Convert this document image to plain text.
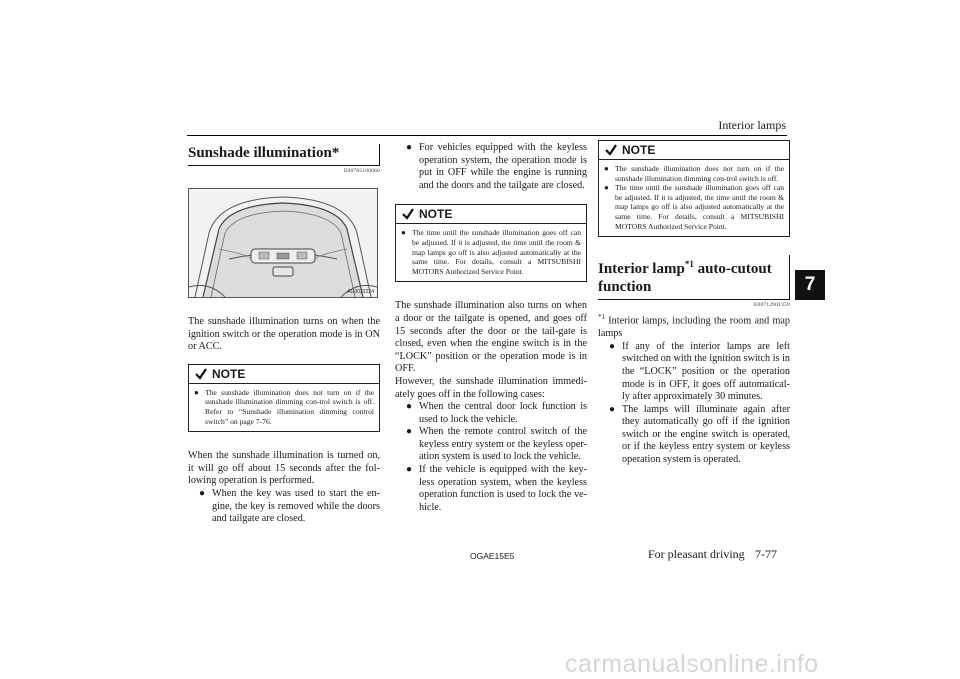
Interior lamps
7
Sunshade illumination*
E00765100060
AG0022224

The sunshade illumination turns on when the ignition switch or the operation mode is in ON or ACC.

NOTE
● The sunshade illumination does not turn on if the sunshade illumination dimming con-trol switch is off. Refer to “Sunshade illumination dimming control switch” on page 7-76.

When the sunshade illumination is turned on, it will go off about 15 seconds after the fol-lowing operation is performed.

● When the key was used to start the en-gine, the key is removed while the doors and tailgate are closed.
● For vehicles equipped with the keyless operation system, the operation mode is put in OFF while the engine is running and the doors and the tailgate are closed.
NOTE
● The time until the sunshade illumination goes off can be adjusted. If it is adjusted, the time until the room & map lamps go off is also adjusted automatically at the same time. For details, consult a MITSUBISHI MOTORS Authorized Service Point.

The sunshade illumination also turns on when a door or the tailgate is opened, and goes off 15 seconds after the door or the tail-gate is closed, even when the engine switch is in the “LOCK” position or the operation mode is in OFF.

However, the sunshade illumination immedi-ately goes off in the following cases:

● When the central door lock function is used to lock the vehicle.
● When the remote control switch of the keyless entry system or the keyless oper-ation system is used to lock the vehicle.
● If the vehicle is equipped with the key-less operation system, when the keyless operation function is used to lock the ve-hicle.
NOTE
● The sunshade illumination does not turn on if the sunshade illumination dimming con-trol switch is off.
● The time until the sunshade illumination goes off can be adjusted. If it is adjusted, the time until the room & map lamps go off is also adjusted automatically at the same time. For details, consult a MITSUBISHI MOTORS Authorized Service Point.
Interior lamp$^{*1}$ auto-cutout function
E00712901359

$^{*1}$ Interior lamps, including the room and map lamps

● If any of the interior lamps are left switched on with the ignition switch is in the “LOCK” position or the operation mode is in OFF, it goes off automatical-ly after approximately 30 minutes.
● The lamps will illuminate again after they automatically go off if the ignition switch or the engine switch is operated, or if the keyless entry system or keyless operation system is operated.
OGAE15E5	For pleasant driving 7-77
carmanualsonline.info
